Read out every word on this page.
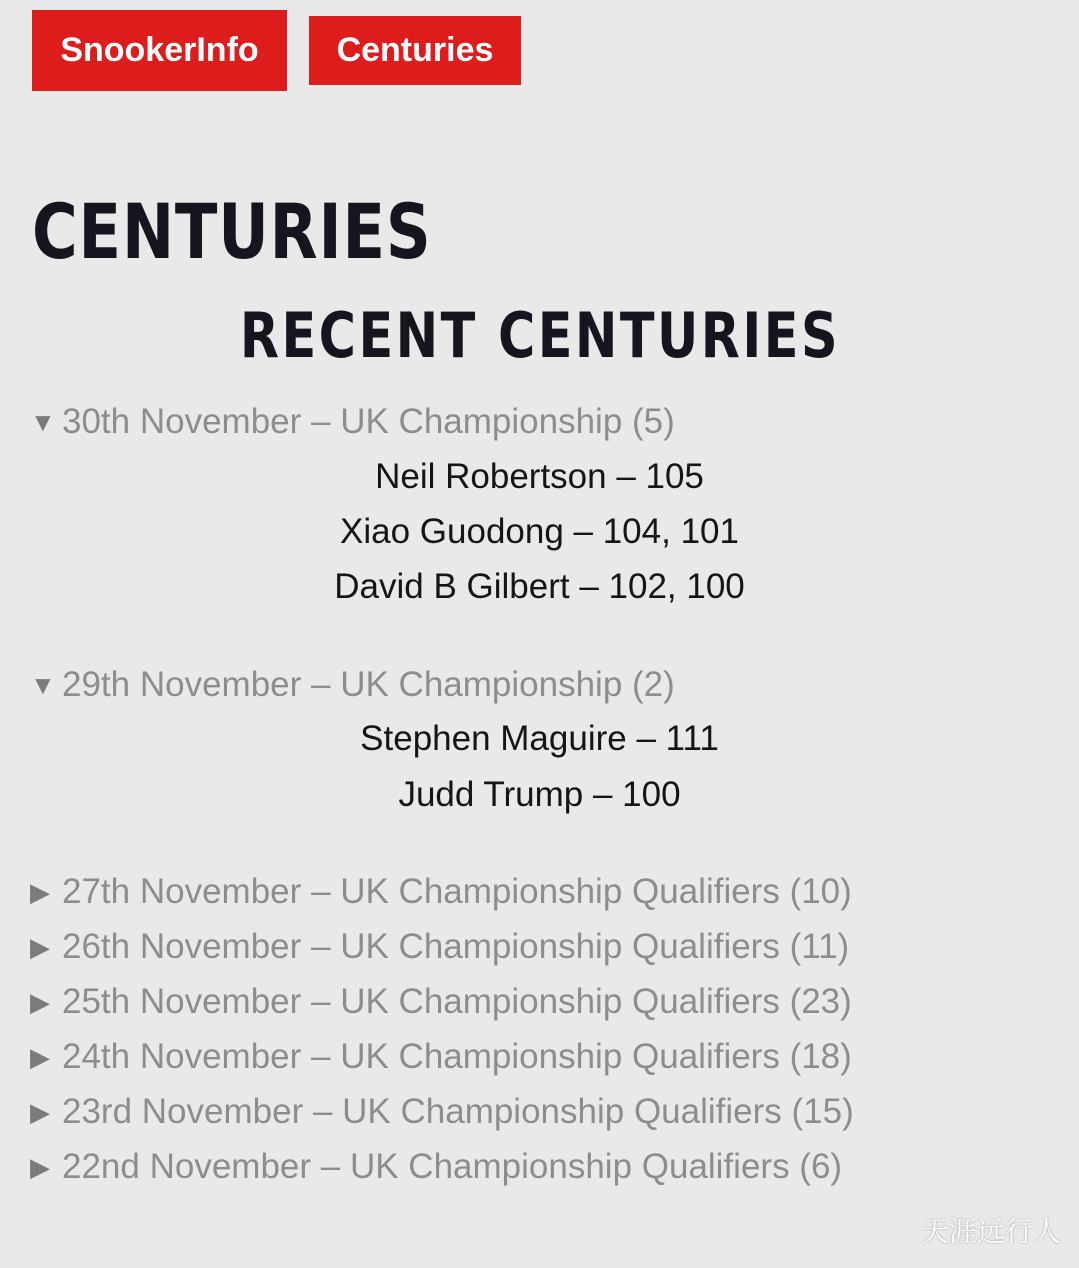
SnookerInfo	Centuries
CENTURIES
RECENT CENTURIES
▼ 30th November – UK Championship (5)
Neil Robertson – 105
Xiao Guodong – 104, 101
David B Gilbert – 102, 100
▼ 29th November – UK Championship (2)
Stephen Maguire – 111
Judd Trump – 100
▶ 27th November – UK Championship Qualifiers (10)
▶ 26th November – UK Championship Qualifiers (11)
▶ 25th November – UK Championship Qualifiers (23)
▶ 24th November – UK Championship Qualifiers (18)
▶ 23rd November – UK Championship Qualifiers (15)
▶ 22nd November – UK Championship Qualifiers (6)
天涯远行人
